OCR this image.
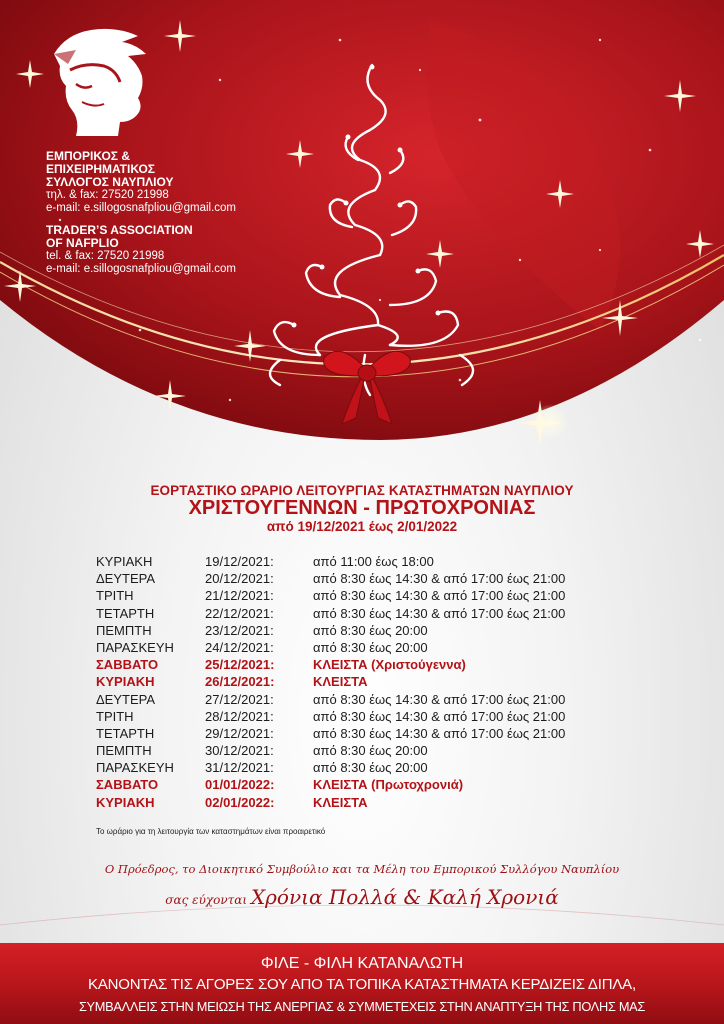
ΕΜΠΟΡΙΚΟΣ &
ΕΠΙΧΕΙΡΗΜΑΤΙΚΟΣ
ΣΥΛΛΟΓΟΣ ΝΑΥΠΛΙΟΥ
τηλ. & fax: 27520 21998
e-mail: e.sillogosnafpliou@gmail.com
TRADER’S ASSOCIATION
OF NAFPLIO
tel. & fax: 27520 21998
e-mail: e.sillogosnafpliou@gmail.com
ΕΟΡΤΑΣΤΙΚΟ ΩΡΑΡΙΟ ΛΕΙΤΟΥΡΓΙΑΣ ΚΑΤΑΣΤΗΜΑΤΩΝ ΝΑΥΠΛΙΟΥ
ΧΡΙΣΤΟΥΓΕΝΝΩΝ - ΠΡΩΤΟΧΡΟΝΙΑΣ
από 19/12/2021 έως 2/01/2022
ΚΥΡΙΑΚΗ	19/12/2021:	από 11:00 έως 18:00
ΔΕΥΤΕΡΑ	20/12/2021:	από 8:30 έως 14:30 & από 17:00 έως 21:00
ΤΡΙΤΗ	21/12/2021:	από 8:30 έως 14:30 & από 17:00 έως 21:00
ΤΕΤΑΡΤΗ	22/12/2021:	από 8:30 έως 14:30 & από 17:00 έως 21:00
ΠΕΜΠΤΗ	23/12/2021:	από 8:30 έως 20:00
ΠΑΡΑΣΚΕΥΗ 24/12/2021:	από 8:30 έως 20:00
ΣΑΒΒΑΤΟ	25/12/2021:	ΚΛΕΙΣΤΑ (Χριστούγεννα)
ΚΥΡΙΑΚΗ	26/12/2021:	ΚΛΕΙΣΤΑ
ΔΕΥΤΕΡΑ	27/12/2021:	από 8:30 έως 14:30 & από 17:00 έως 21:00
ΤΡΙΤΗ	28/12/2021:	από 8:30 έως 14:30 & από 17:00 έως 21:00
ΤΕΤΑΡΤΗ	29/12/2021:	από 8:30 έως 14:30 & από 17:00 έως 21:00
ΠΕΜΠΤΗ	30/12/2021:	από 8:30 έως 20:00
ΠΑΡΑΣΚΕΥΗ 31/12/2021:	από 8:30 έως 20:00
ΣΑΒΒΑΤΟ	01/01/2022:	ΚΛΕΙΣΤΑ (Πρωτοχρονιά)
ΚΥΡΙΑΚΗ	02/01/2022:	ΚΛΕΙΣΤΑ
Το ωράριο για τη λειτουργία των καταστημάτων είναι προαιρετικό
Ο Πρόεδρος, το Διοικητικό Συμβούλιο και τα Μέλη του Εμπορικού Συλλόγου Ναυπλίου
σας εύχονται Χρόνια Πολλά & Καλή Χρονιά
ΦΙΛΕ - ΦΙΛΗ ΚΑΤΑΝΑΛΩΤΗ
ΚΑΝΟΝΤΑΣ ΤΙΣ ΑΓΟΡΕΣ ΣΟΥ ΑΠΟ ΤΑ ΤΟΠΙΚΑ ΚΑΤΑΣΤΗΜΑΤΑ ΚΕΡΔΙΖΕΙΣ ΔΙΠΛΑ,
ΣΥΜΒΑΛΛΕΙΣ ΣΤΗΝ ΜΕΙΩΣΗ ΤΗΣ ΑΝΕΡΓΙΑΣ & ΣΥΜΜΕΤΕΧΕΙΣ ΣΤΗΝ ΑΝΑΠΤΥΞΗ ΤΗΣ ΠΟΛΗΣ ΜΑΣ
